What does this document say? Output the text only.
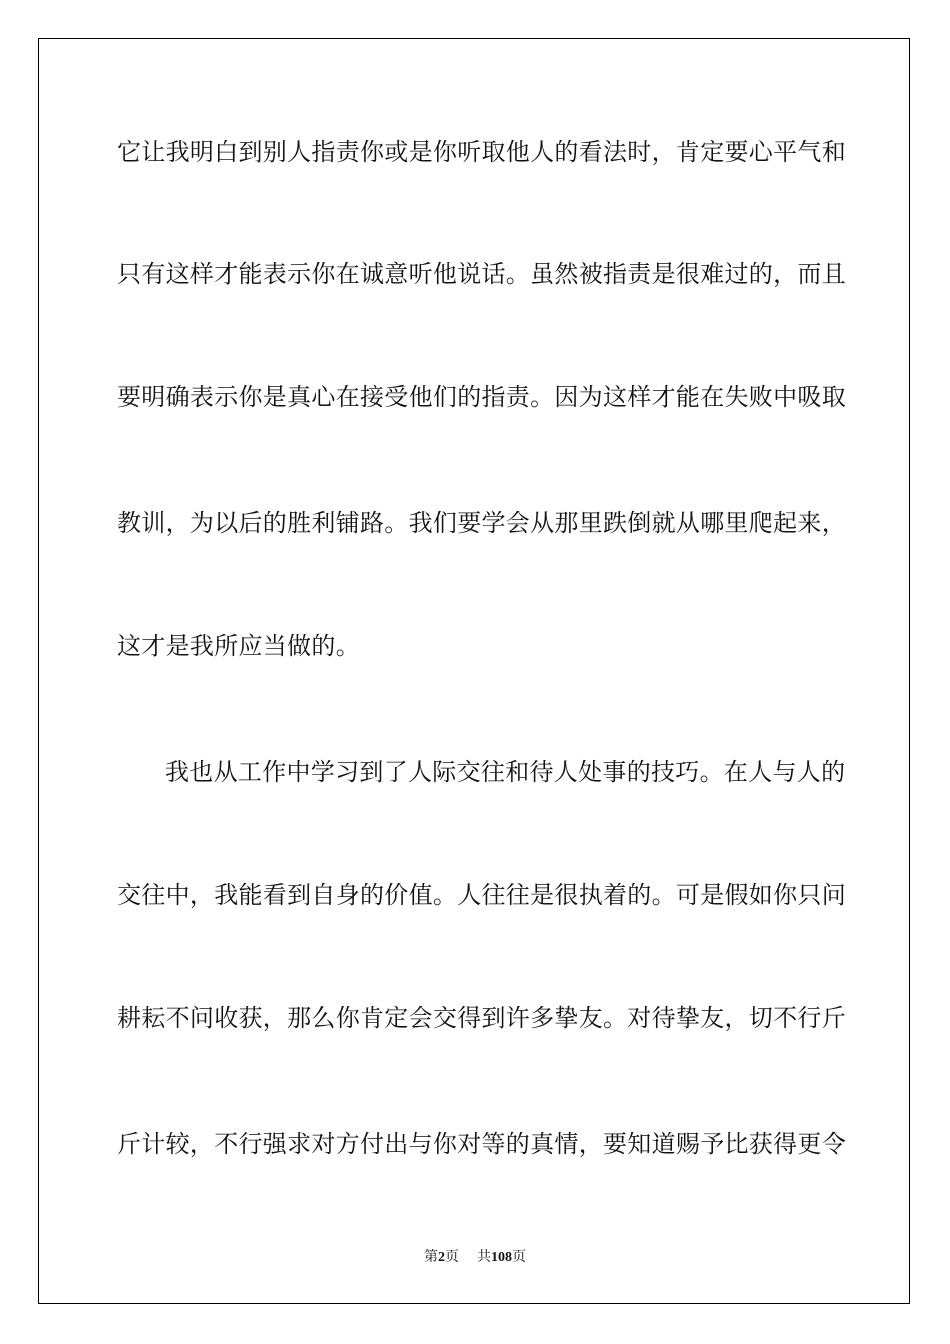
它让我明白到别人指责你或是你听取他人的看法时，肯定要心平气和
只有这样才能表示你在诚意听他说话。虽然被指责是很难过的，而且
要明确表示你是真心在接受他们的指责。因为这样才能在失败中吸取
教训，为以后的胜利铺路。我们要学会从那里跌倒就从哪里爬起来，
这才是我所应当做的。
我也从工作中学习到了人际交往和待人处事的技巧。在人与人的
交往中，我能看到自身的价值。人往往是很执着的。可是假如你只问
耕耘不问收获，那么你肯定会交得到许多挚友。对待挚友，切不行斤
斤计较，不行强求对方付出与你对等的真情，要知道赐予比获得更令
第2页 共108页
